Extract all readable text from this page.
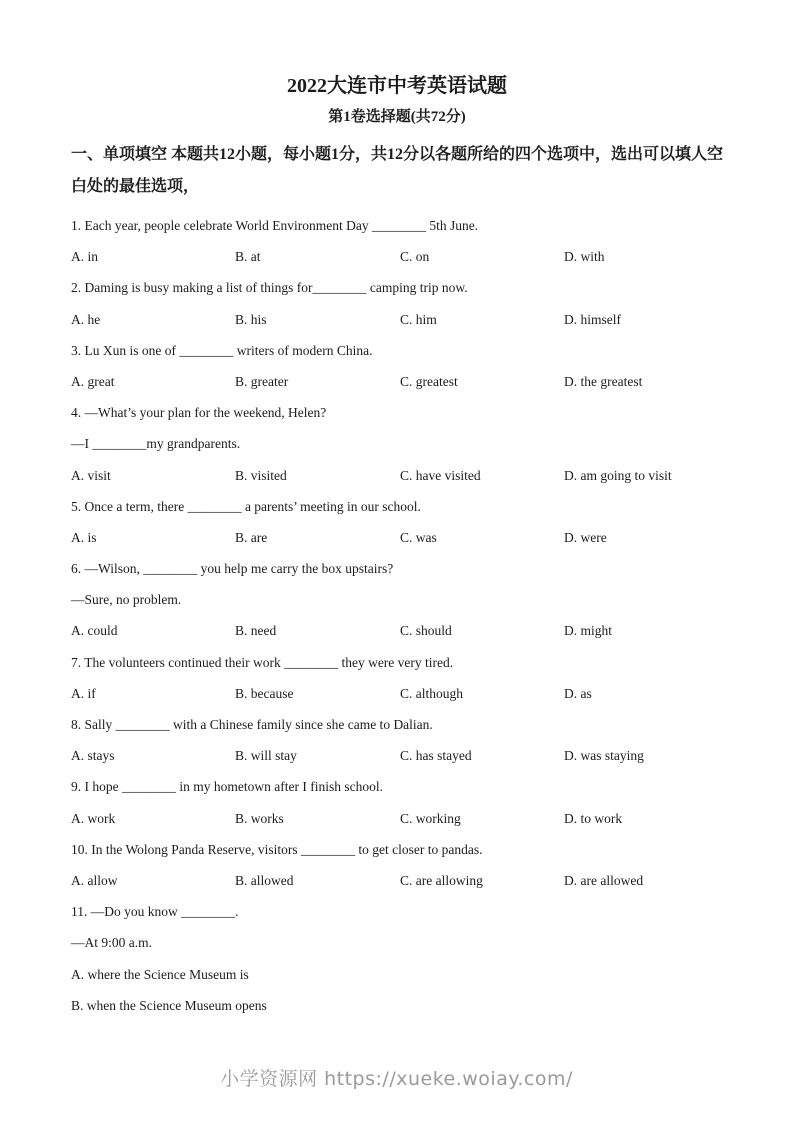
2022大连市中考英语试题
第1卷选择题(共72分)
一、单项填空 本题共12小题，每小题1分，共12分以各题所给的四个选项中，选出可以填人空白处的最佳选项，
1. Each year, people celebrate World Environment Day ________ 5th June.
A. in	B. at	C. on	D. with
2. Daming is busy making a list of things for________ camping trip now.
A. he	B. his	C. him	D. himself
3. Lu Xun is one of ________ writers of modern China.
A. great	B. greater	C. greatest	D. the greatest
4. —What’s your plan for the weekend, Helen?
—I ________my grandparents.
A. visit	B. visited	C. have visited	D. am going to visit
5. Once a term, there ________ a parents’ meeting in our school.
A. is	B. are	C. was	D. were
6. —Wilson, ________ you help me carry the box upstairs?
—Sure, no problem.
A. could	B. need	C. should	D. might
7. The volunteers continued their work ________ they were very tired.
A. if	B. because	C. although	D. as
8. Sally ________ with a Chinese family since she came to Dalian.
A. stays	B. will stay	C. has stayed	D. was staying
9. I hope ________ in my hometown after I finish school.
A. work	B. works	C. working	D. to work
10. In the Wolong Panda Reserve, visitors ________ to get closer to pandas.
A. allow	B. allowed	C. are allowing	D. are allowed
11. —Do you know ________.
—At 9:00 a.m.
A. where the Science Museum is
B. when the Science Museum opens
小学资源网 https://xueke.woiay.com/
